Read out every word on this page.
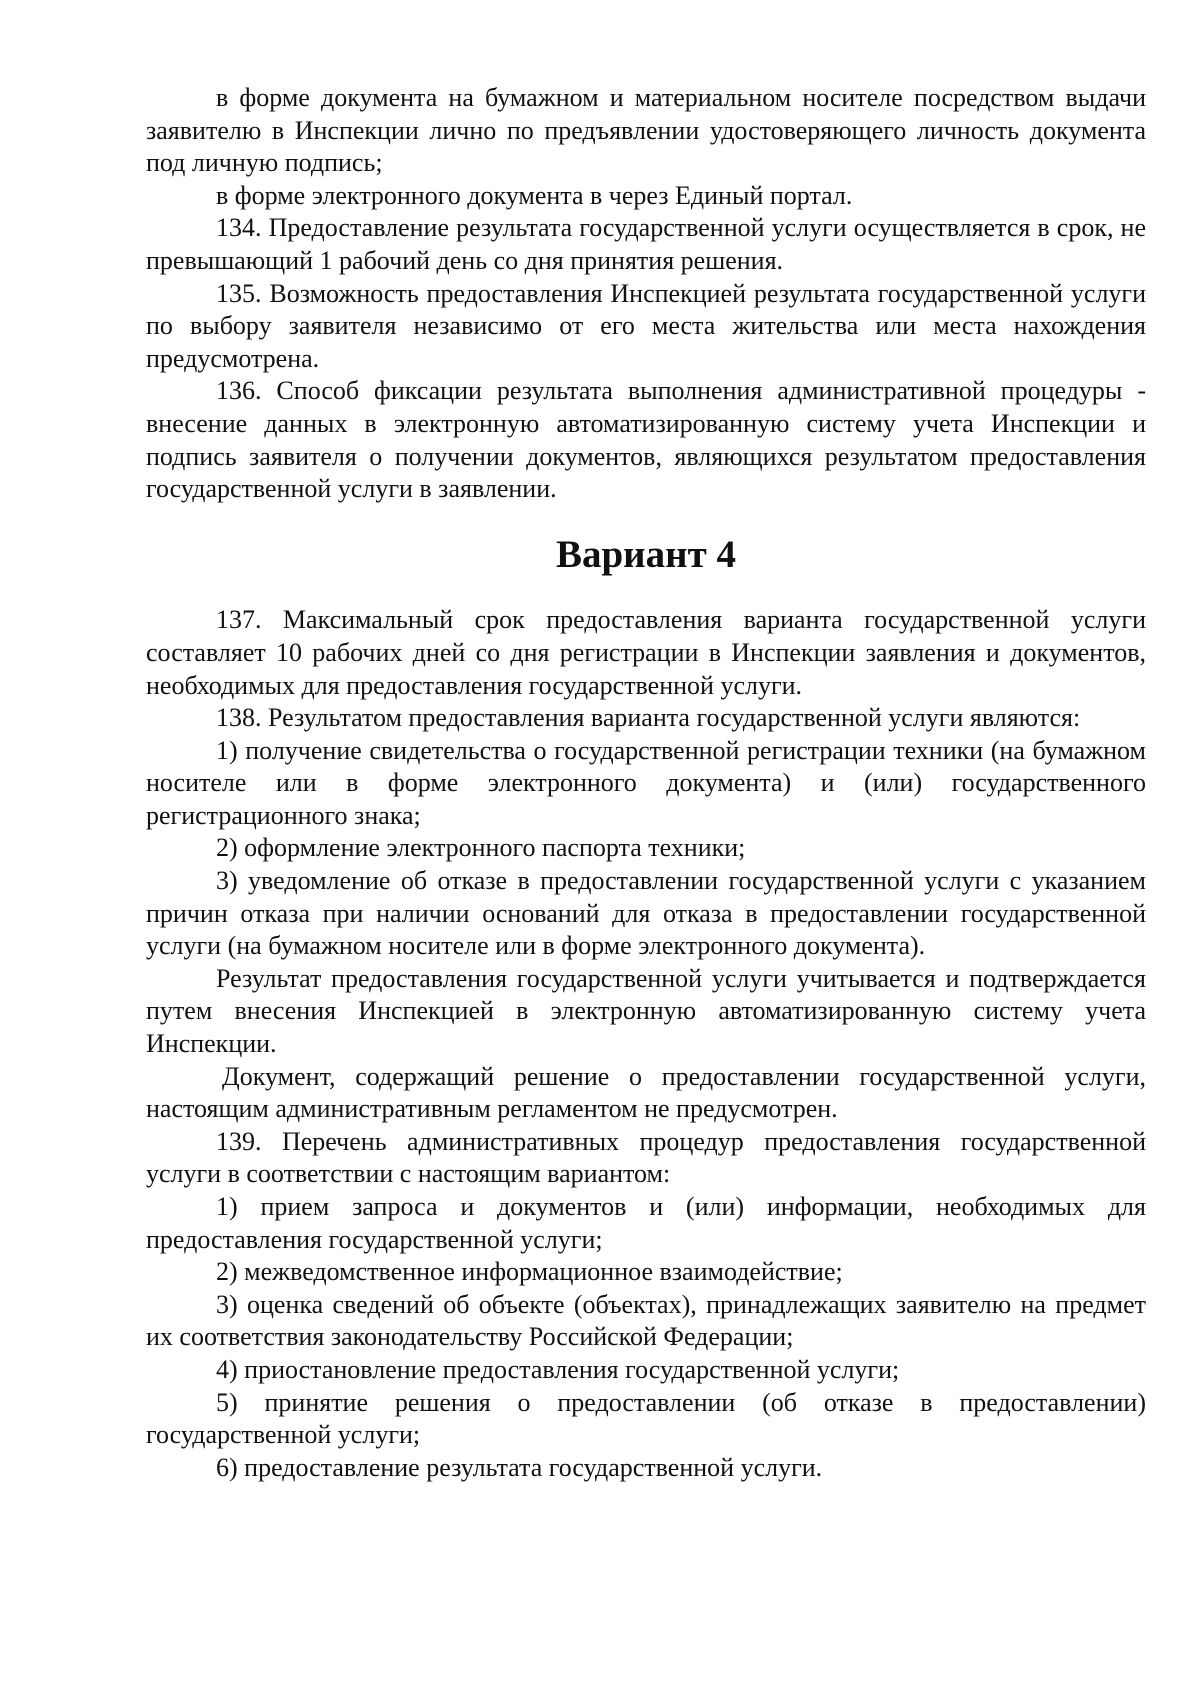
в форме документа на бумажном и материальном носителе посредством выдачи заявителю в Инспекции лично по предъявлении удостоверяющего личность документа под личную подпись;

в форме электронного документа в через Единый портал.

134. Предоставление результата государственной услуги осуществляется в срок, не превышающий 1 рабочий день со дня принятия решения.

135. Возможность предоставления Инспекцией результата государственной услуги по выбору заявителя независимо от его места жительства или места нахождения предусмотрена.

136. Способ фиксации результата выполнения административной процедуры - внесение данных в электронную автоматизированную систему учета Инспекции и подпись заявителя о получении документов, являющихся результатом предоставления государственной услуги в заявлении.

Вариант 4

137. Максимальный срок предоставления варианта государственной услуги составляет 10 рабочих дней со дня регистрации в Инспекции заявления и документов, необходимых для предоставления государственной услуги.

138. Результатом предоставления варианта государственной услуги являются:

1) получение свидетельства о государственной регистрации техники (на бумажном носителе или в форме электронного документа) и (или) государственного регистрационного знака;

2) оформление электронного паспорта техники;

3) уведомление об отказе в предоставлении государственной услуги с указанием причин отказа при наличии оснований для отказа в предоставлении государственной услуги (на бумажном носителе или в форме электронного документа).

Результат предоставления государственной услуги учитывается и подтверждается путем внесения Инспекцией в электронную автоматизированную систему учета Инспекции.

Документ, содержащий решение о предоставлении государственной услуги, настоящим административным регламентом не предусмотрен.

139. Перечень административных процедур предоставления государственной услуги в соответствии с настоящим вариантом:

1) прием запроса и документов и (или) информации, необходимых для предоставления государственной услуги;

2) межведомственное информационное взаимодействие;

3) оценка сведений об объекте (объектах), принадлежащих заявителю на предмет их соответствия законодательству Российской Федерации;

4) приостановление предоставления государственной услуги;

5) принятие решения о предоставлении (об отказе в предоставлении) государственной услуги;

6) предоставление результата государственной услуги.
